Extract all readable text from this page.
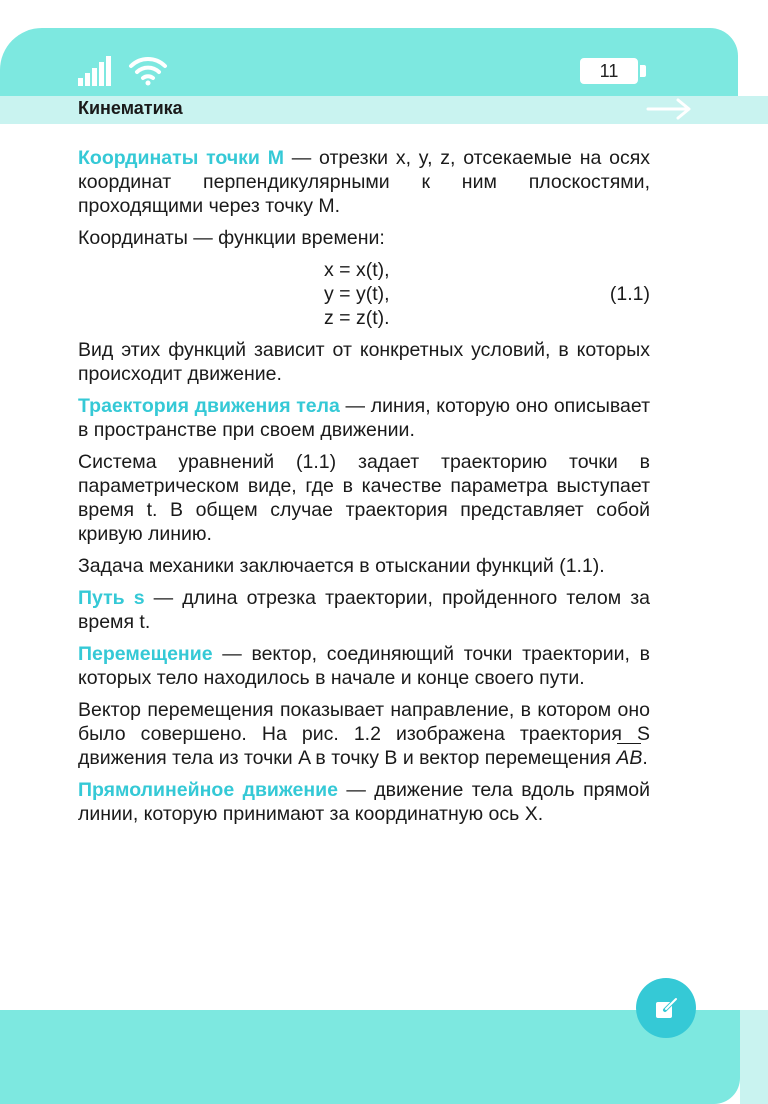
11
Кинематика

Координаты точки M — отрезки x, y, z, отсекаемые на осях координат перпендикулярными к ним плоскостями, проходящими через точку M.

Координаты — функции времени:

x = x(t),
y = y(t),
z = z(t).
(1.1)

Вид этих функций зависит от конкретных условий, в которых происходит движение.

Траектория движения тела — линия, которую оно описывает в пространстве при своем движении.

Система уравнений (1.1) задает траекторию точки в параметрическом виде, где в качестве параметра выступает время t. В общем случае траектория представляет собой кривую линию.

Задача механики заключается в отыскании функций (1.1).

Путь s — длина отрезка траектории, пройденного телом за время t.

Перемещение — вектор, соединяющий точки траектории, в которых тело находилось в начале и конце своего пути.

Вектор перемещения показывает направление, в котором оно было совершено. На рис. 1.2 изображена траектория S движения тела из точки A в точку B и вектор перемещения AB.

Прямолинейное движение — движение тела вдоль прямой линии, которую принимают за координатную ось X.
